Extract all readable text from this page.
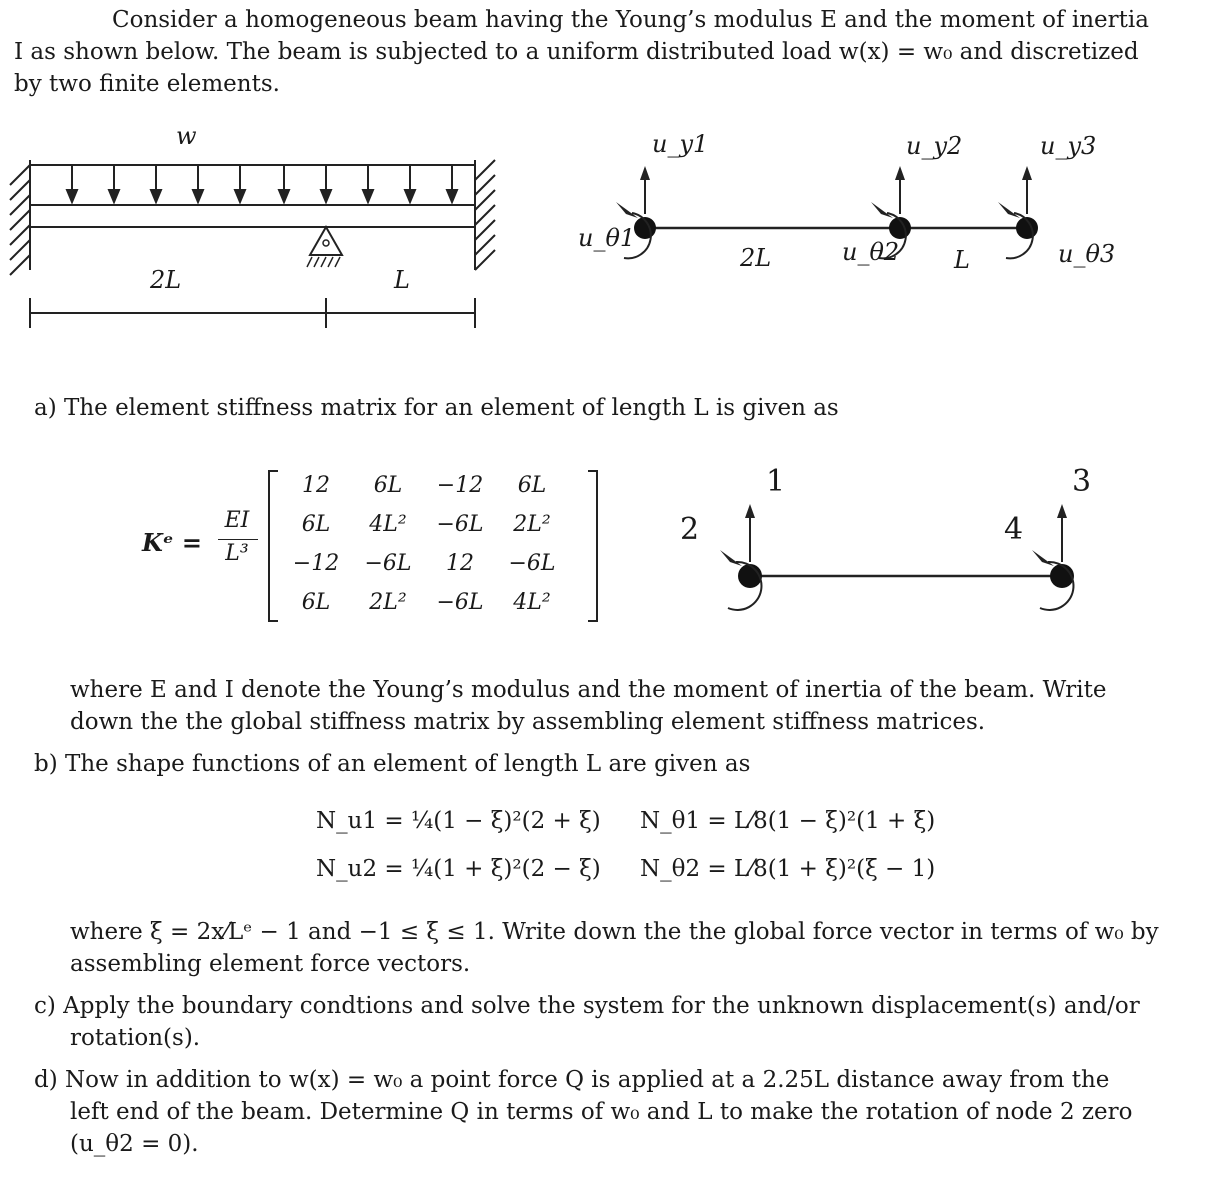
Consider a homogeneous beam having the Young’s modulus E and the moment of inertia
I as shown below. The beam is subjected to a uniform distributed load w(x) = w₀ and discretized
by two finite elements.
w
2L	L
u_y1	u_y2	u_y3
u_θ1	u_θ2	u_θ3
2L	L
a) The element stiffness matrix for an element of length L is given as
Kᵉ =
EI
L³
12	6L	−12	6L
6L	4L²	−6L	2L²
−12	−6L	12	−6L
6L	2L²	−6L	4L²
1
2
3
4
where E and I denote the Young’s modulus and the moment of inertia of the beam. Write
down the the global stiffness matrix by assembling element stiffness matrices.
b) The shape functions of an element of length L are given as
N_u1 = ¼(1 − ξ)²(2 + ξ)
N_u2 = ¼(1 + ξ)²(2 − ξ)
N_θ1 = L⁄8(1 − ξ)²(1 + ξ)
N_θ2 = L⁄8(1 + ξ)²(ξ − 1)
where ξ = 2x⁄Lᵉ − 1 and −1 ≤ ξ ≤ 1. Write down the the global force vector in terms of w₀ by
assembling element force vectors.
c) Apply the boundary condtions and solve the system for the unknown displacement(s) and/or
rotation(s).
d) Now in addition to w(x) = w₀ a point force Q is applied at a 2.25L distance away from the
left end of the beam. Determine Q in terms of w₀ and L to make the rotation of node 2 zero
(u_θ2 = 0).
